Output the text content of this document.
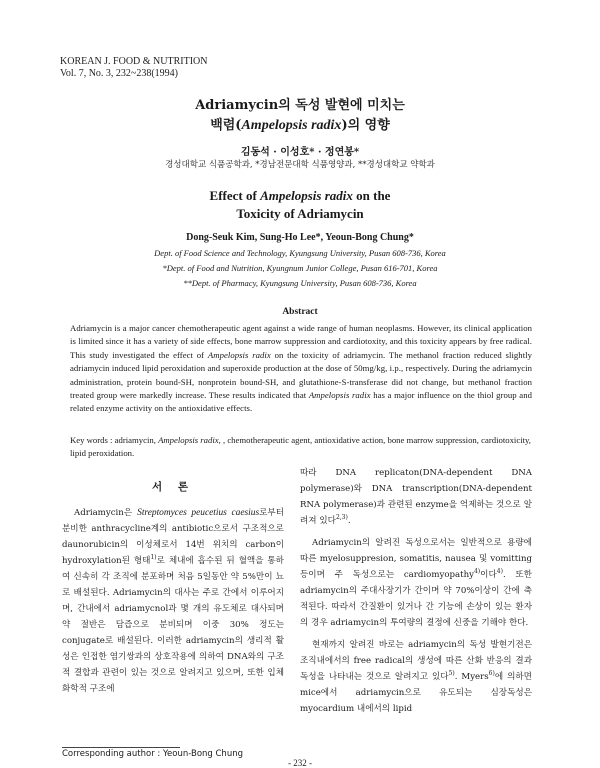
KOREAN J. FOOD & NUTRITION
Vol. 7, No. 3, 232~238(1994)
Adriamycin의 독성 발현에 미치는
백렴(Ampelopsis radix)의 영향
김동석 · 이성호* · 정연봉*
경성대학교 식품공학과, *경남전문대학 식품영양과, **경성대학교 약학과
Effect of Ampelopsis radix on the
Toxicity of Adriamycin
Dong-Seuk Kim, Sung-Ho Lee*, Yeoun-Bong Chung*
Dept. of Food Science and Technology, Kyungsung University, Pusan 608-736, Korea
*Dept. of Food and Nutrition, Kyungnum Junior College, Pusan 616-701, Korea
**Dept. of Pharmacy, Kyungsung University, Pusan 608-736, Korea
Abstract
Adriamycin is a major cancer chemotherapeutic agent against a wide range of human neoplasms. However, its clinical application is limited since it has a variety of side effects, bone marrow suppression and cardiotoxity, and this toxicity appears by free radical. This study investigated the effect of Ampelopsis radix on the toxicity of adriamycin. The methanol fraction reduced slightly adriamycin induced lipid peroxidation and superoxide production at the dose of 50mg/kg, i.p., respectively. During the adriamycin administration, protein bound-SH, nonprotein bound-SH, and glutathione-S-transferase did not change, but methanol fraction treated group were markedly increase. These results indicated that Ampelopsis radix has a major influence on the thiol group and related enzyme activity on the antioxidative effects.
Key words : adriamycin, Ampelopsis radix, , chemotherapeutic agent, antioxidative action, bone marrow suppression, cardiotoxicity, lipid peroxidation.
서 론

Adriamycin은 Streptomyces peucetius caesius로부터 분비한 anthracycline계의 antibiotic으로서 구조적으로 daunorubicin의 이성체로서 14번 위치의 carbon이 hydroxylation된 형태$^{1)}$로 체내에 흡수된 뒤 혈액을 통하여 신속히 각 조직에 분포하며 처음 5일동안 약 5%만이 뇨로 배설된다. Adriamycin의 대사는 주로 간에서 이루어지며, 간내에서 adriamycnol과 몇 개의 유도체로 대사되며 약 절반은 담즙으로 분비되며 이중 30% 정도는 conjugate로 배설된다. 이러한 adriamycin의 생리적 활성은 인접한 염기쌍과의 상호작용에 의하여 DNA와의 구조적 결합과 관련이 있는 것으로 알려지고 있으며, 또한 입체화학적 구조에

따라 DNA replicaton(DNA-dependent DNA polymerase)와 DNA transcription(DNA-dependent RNA polymerase)과 관련된 enzyme을 억제하는 것으로 알려져 있다$^{2,3)}$.

Adriamycin의 알려진 독성으로서는 일반적으로 용량에 따른 myelosuppresion, somatitis, nausea 및 vomitting 등이며 주 독성으로는 cardiomyopathy$^{4)}$이다$^{4)}$. 또한 adriamycin의 주대사장기가 간이며 약 70%이상이 간에 축적된다. 따라서 간질환이 있거나 간 기능에 손상이 있는 환자의 경우 adriamycin의 투여량의 결정에 신중을 기해야 한다.

현재까지 알려진 바로는 adriamycin의 독성 발현기전은 조직내에서의 free radical의 생성에 따른 산화 반응의 결과 독성을 나타내는 것으로 알려지고 있다$^{5)}$. Myers$^{6)}$에 의하면 mice에서 adriamycin으로 유도되는 심장독성은 myocardium 내에서의 lipid

Corresponding author : Yeoun-Bong Chung
- 232 -
